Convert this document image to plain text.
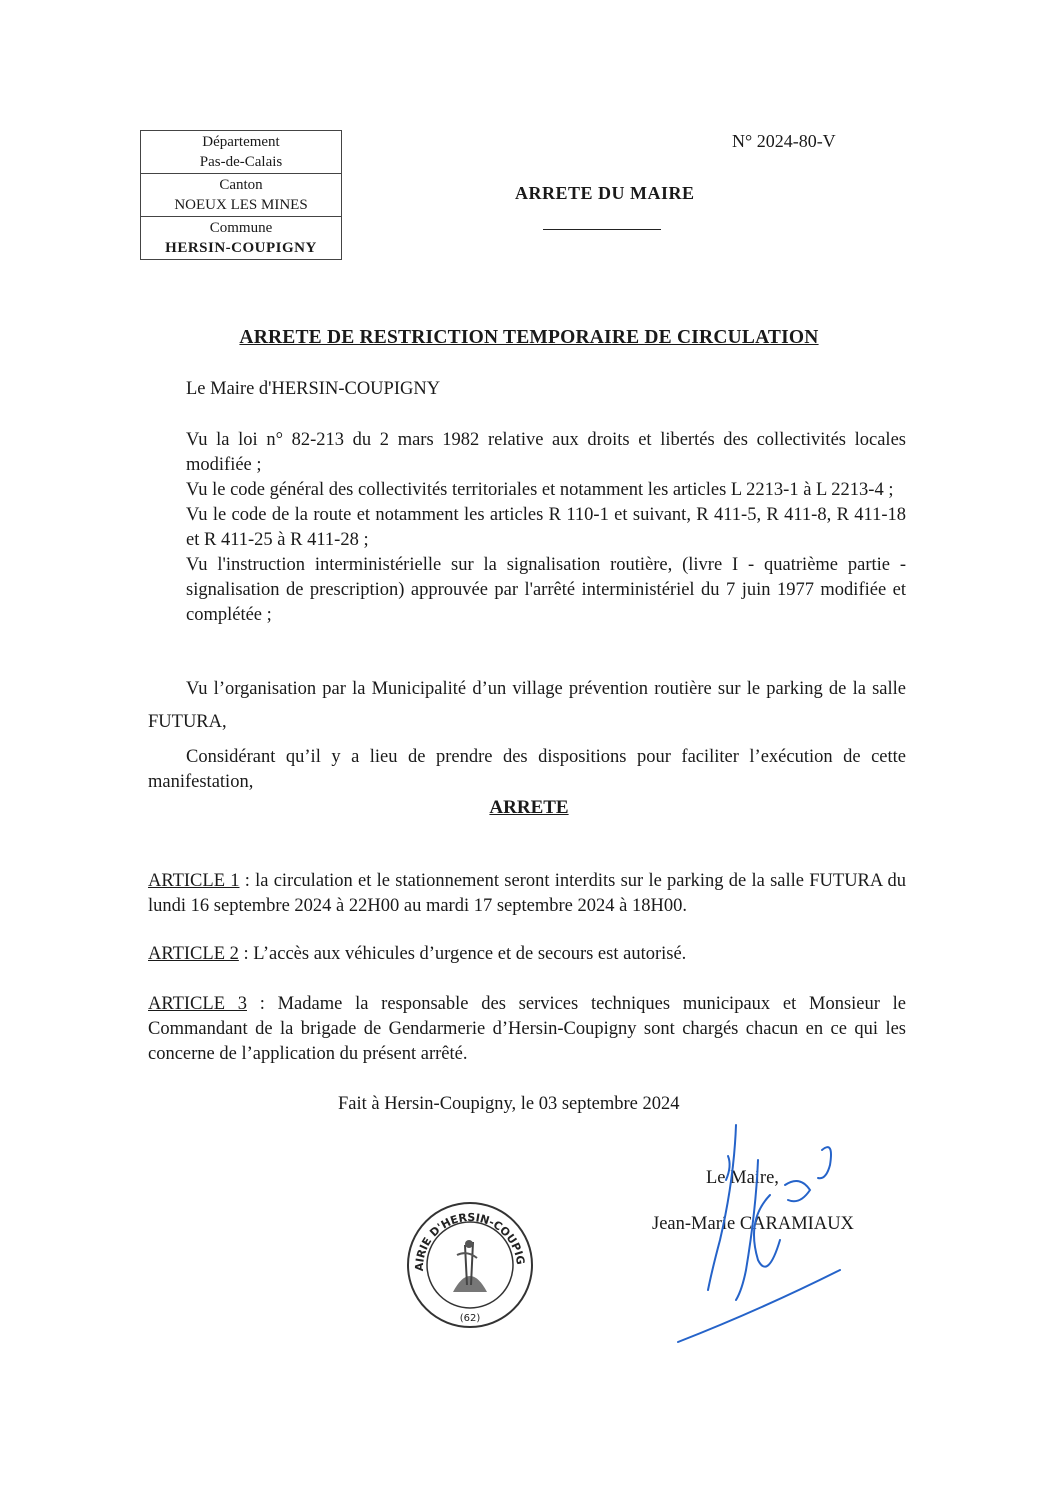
Département
Pas-de-Calais
Canton
NOEUX LES MINES
Commune
HERSIN-COUPIGNY
N° 2024-80-V
ARRETE DU MAIRE
ARRETE DE RESTRICTION TEMPORAIRE DE CIRCULATION
Le Maire d'HERSIN-COUPIGNY
Vu la loi n° 82-213 du 2 mars 1982 relative aux droits et libertés des collectivités locales modifiée ;
Vu le code général des collectivités territoriales et notamment les articles L 2213-1 à L 2213-4 ;
Vu le code de la route et notamment les articles R 110-1 et suivant, R 411-5, R 411-8, R 411-18 et R 411-25 à R 411-28 ;
Vu l'instruction interministérielle sur la signalisation routière, (livre I - quatrième partie - signalisation de prescription) approuvée par l'arrêté interministériel du 7 juin 1977 modifiée et complétée ;
Vu l’organisation par la Municipalité d’un village prévention routière sur le parking de la salle FUTURA,
Considérant qu’il y a lieu de prendre des dispositions pour faciliter l’exécution de cette manifestation,
ARRETE
ARTICLE 1 : la circulation et le stationnement seront interdits sur le parking de la salle FUTURA du lundi 16 septembre 2024 à 22H00 au mardi 17 septembre 2024 à 18H00.
ARTICLE 2 : L’accès aux véhicules d’urgence et de secours est autorisé.
ARTICLE 3 : Madame la responsable des services techniques municipaux et Monsieur le Commandant de la brigade de Gendarmerie d’Hersin-Coupigny sont chargés chacun en ce qui les concerne de l’application du présent arrêté.
Fait à Hersin-Coupigny, le 03 septembre 2024
AIRIE D'HERSIN-COUPIG
(62)
Le Maire,
Jean-Marie CARAMIAUX
